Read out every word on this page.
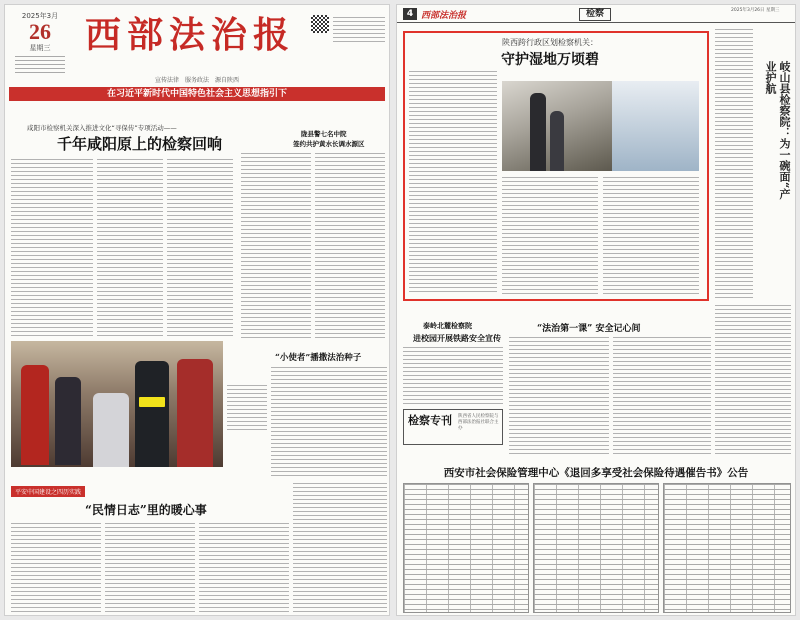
2025年3月
26
星期三 西部法治报
宣传法律　服务政法　源自陕西
在习近平新时代中国特色社会主义思想指引下
咸阳市检察机关深入推进文化“寻保传”专项活动——
千年咸阳原上的检察回响
陇县警七名中院
签约共护黄水长调水源区
“小使者”播撒法治种子
平安中国建设之四历实践
“民情日志”里的暖心事
4 西部法治报	检察	2025年3月26日 星期三
陕西跨行政区划检察机关：
守护湿地万顷碧
岐山县检察院：为一碗面“产业护航
泰岭北麓检察院
进校园开展铁路安全宣传
“法治第一课” 安全记心间
检察专刊 陕西省人民检察院与西部法治报社联合主办
西安市社会保险管理中心《退回多享受社会保险待遇催告书》公告
